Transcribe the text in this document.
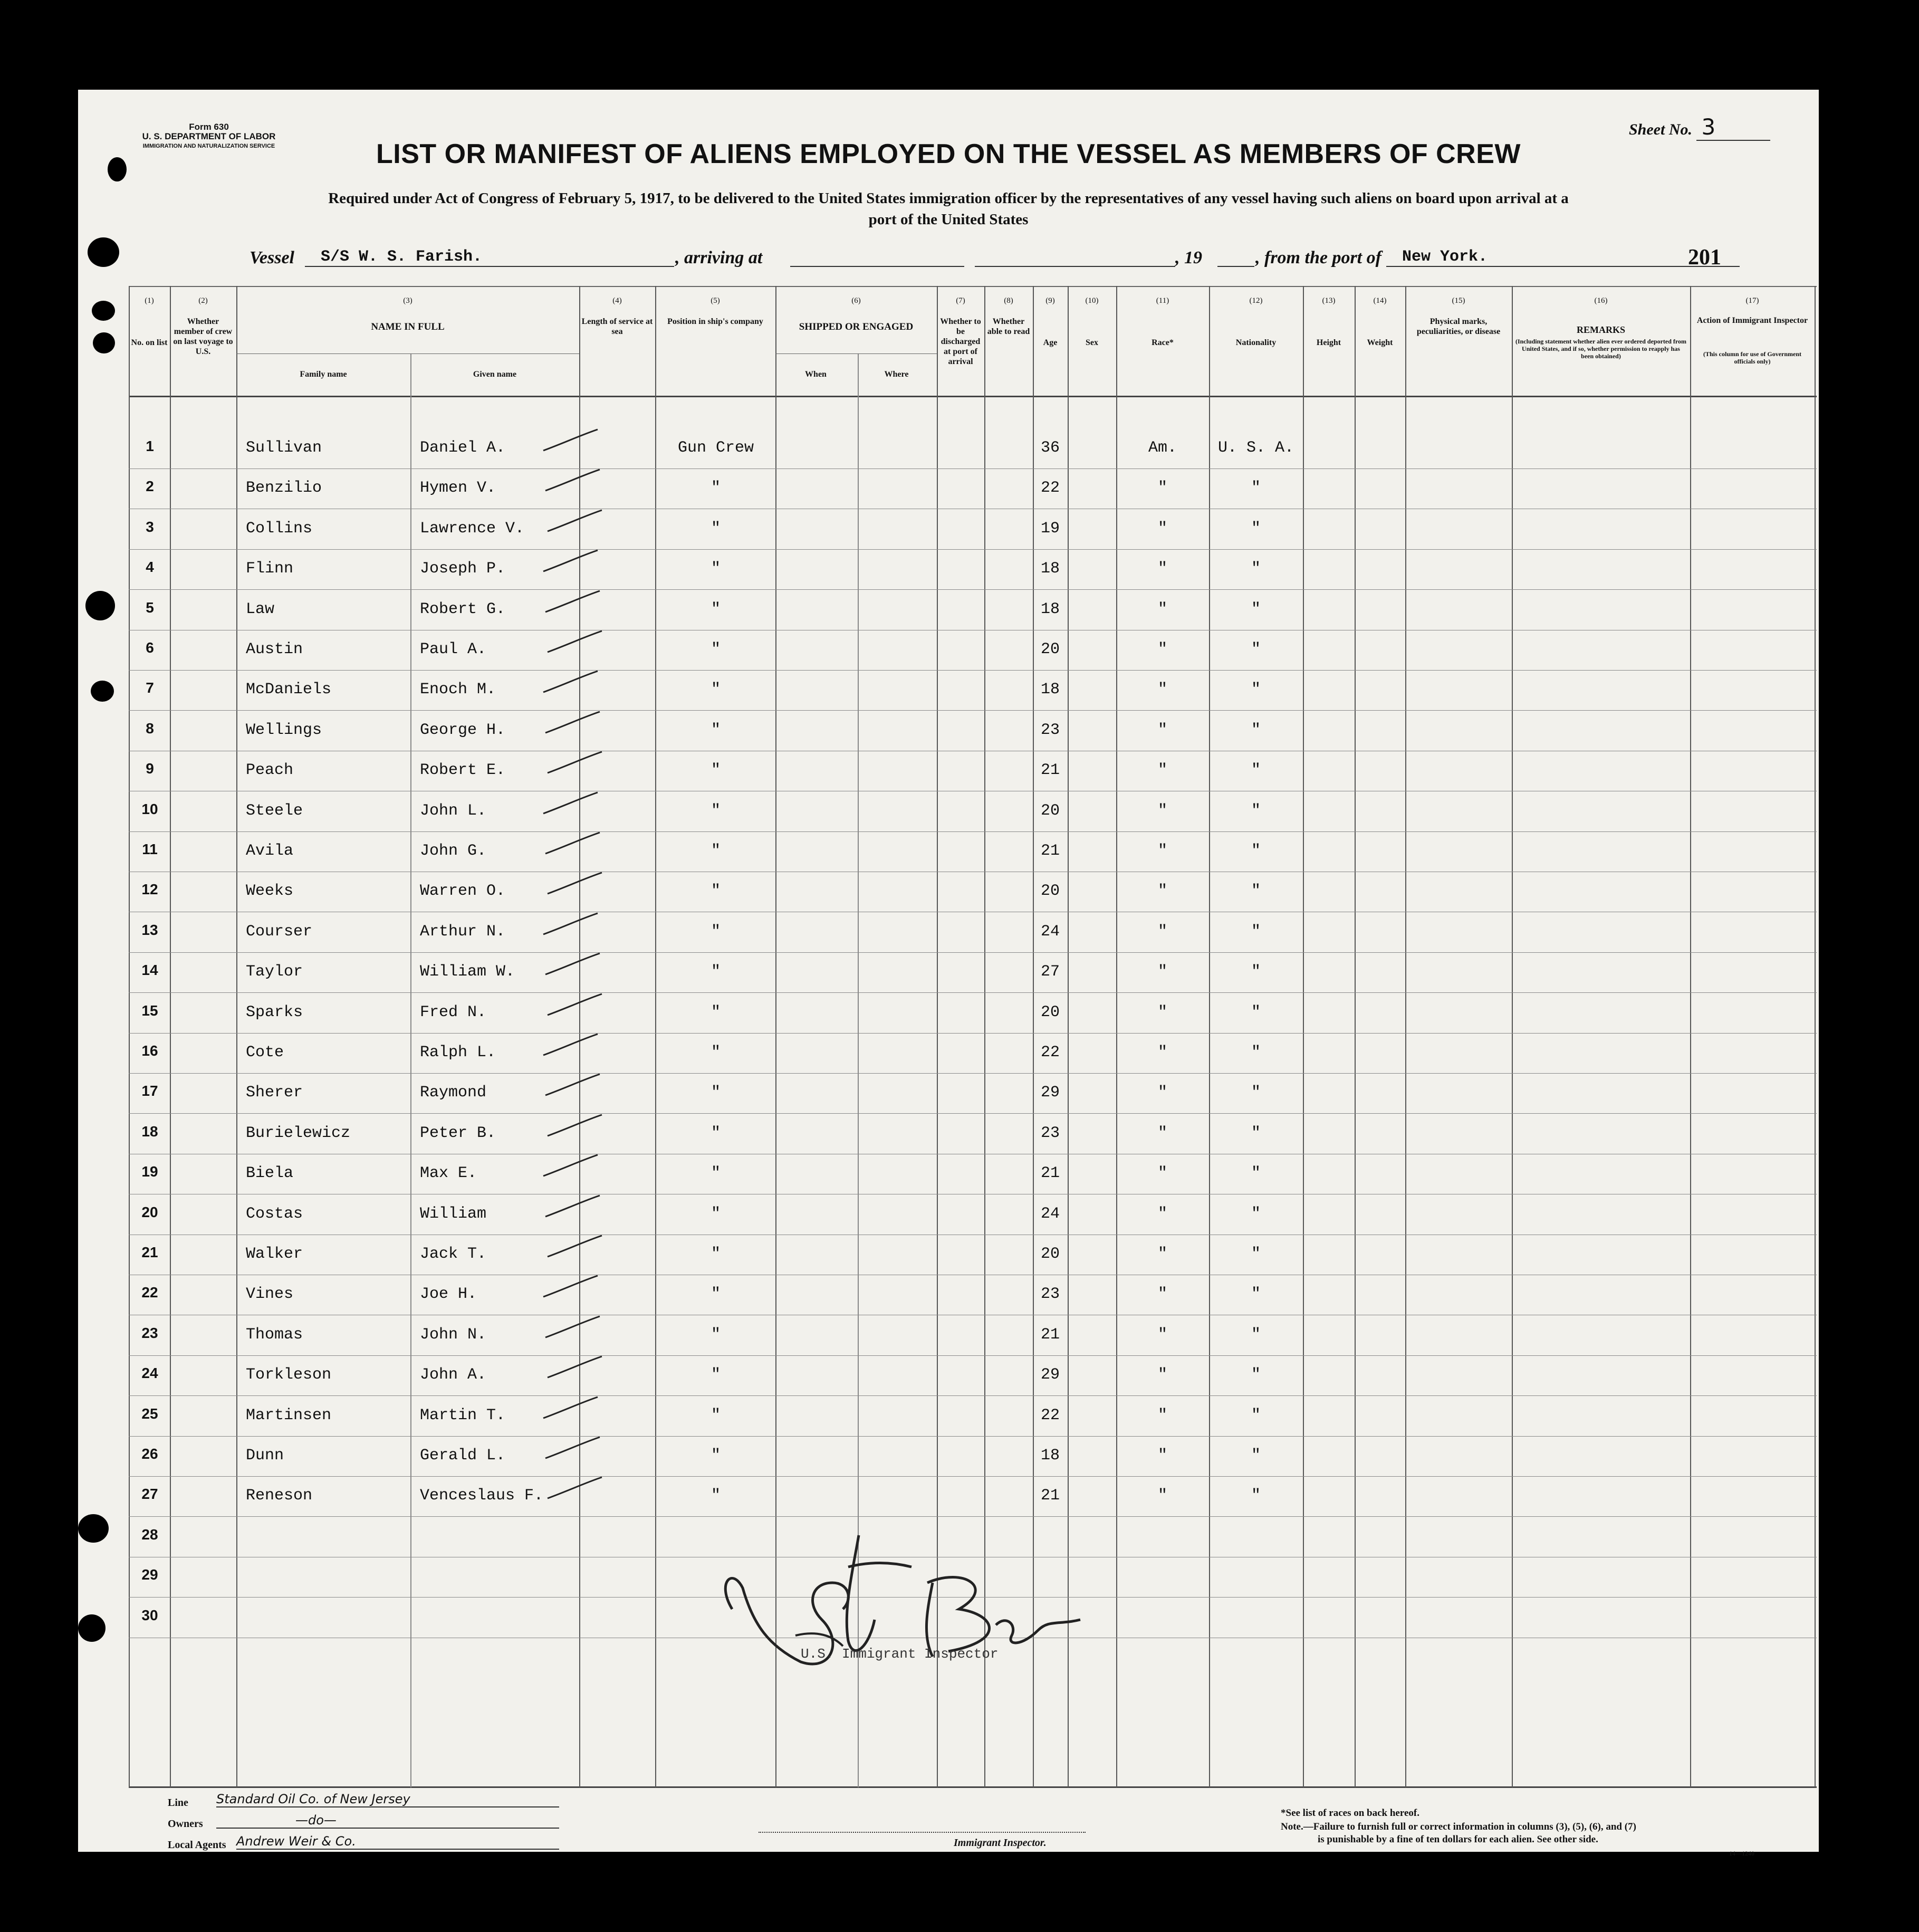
Form 630
U. S. DEPARTMENT OF LABOR
IMMIGRATION AND NATURALIZATION SERVICE
Sheet No. 3
LIST OR MANIFEST OF ALIENS EMPLOYED ON THE VESSEL AS MEMBERS OF CREW
Required under Act of Congress of February 5, 1917, to be delivered to the United States immigration officer by the representatives of any vessel having such aliens on board upon arrival at a
port of the United States
Vessel	S/S W. S. Farish.	, arriving at	, 19	, from the port of	New York.	201
(1)
No. on list
(2)
Whether member of crew on last voyage to U.S.
(3)
NAME IN FULL
Family name	Given name
(4)
Length of service at sea
(5)
Position in ship's company
(6)
SHIPPED OR ENGAGED
When	Where
(7)
Whether to be discharged at port of arrival
(8)
Whether able to read
(9)
Age
(10)
Sex
(11)
Race*
(12)
Nationality
(13)
Height
(14)
Weight
(15)
Physical marks, peculiarities, or disease
(16)
REMARKS
(Including statement whether alien ever ordered deported from United States, and if so, whether permission to reapply has been obtained)
(17)
Action of Immigrant Inspector
(This column for use of Government officials only)
1	Sullivan	Daniel A.	Gun Crew	36	Am.	U. S. A.
2	Benzilio	Hymen V.	"	22	"	"
3	Collins	Lawrence V.	"	19	"	"
4	Flinn	Joseph P.	"	18	"	"
5	Law	Robert G.	"	18	"	"
6	Austin	Paul A.	"	20	"	"
7	McDaniels	Enoch M.	"	18	"	"
8	Wellings	George H.	"	23	"	"
9	Peach	Robert E.	"	21	"	"
10	Steele	John L.	"	20	"	"
11	Avila	John G.	"	21	"	"
12	Weeks	Warren O.	"	20	"	"
13	Courser	Arthur N.	"	24	"	"
14	Taylor	William W.	"	27	"	"
15	Sparks	Fred N.	"	20	"	"
16	Cote	Ralph L.	"	22	"	"
17	Sherer	Raymond	"	29	"	"
18	Burielewicz	Peter B.	"	23	"	"
19	Biela	Max E.	"	21	"	"
20	Costas	William	"	24	"	"
21	Walker	Jack T.	"	20	"	"
22	Vines	Joe H.	"	23	"	"
23	Thomas	John N.	"	21	"	"
24	Torkleson	John A.	"	29	"	"
25	Martinsen	Martin T.	"	22	"	"
26	Dunn	Gerald L.	"	18	"	"
27	Reneson	Venceslaus F.	"	21	"	"
28
29
30
U.S. Immigrant Inspector
Line Standard Oil Co. of New Jersey
Owners	—do—
Local Agents Andrew Weir & Co.	Immigrant Inspector.
*See list of races on back hereof.
Note.—Failure to furnish full or correct information in columns (3), (5), (6), and (7)
is punishable by a fine of ten dollars for each alien. See other side.
14—1240
